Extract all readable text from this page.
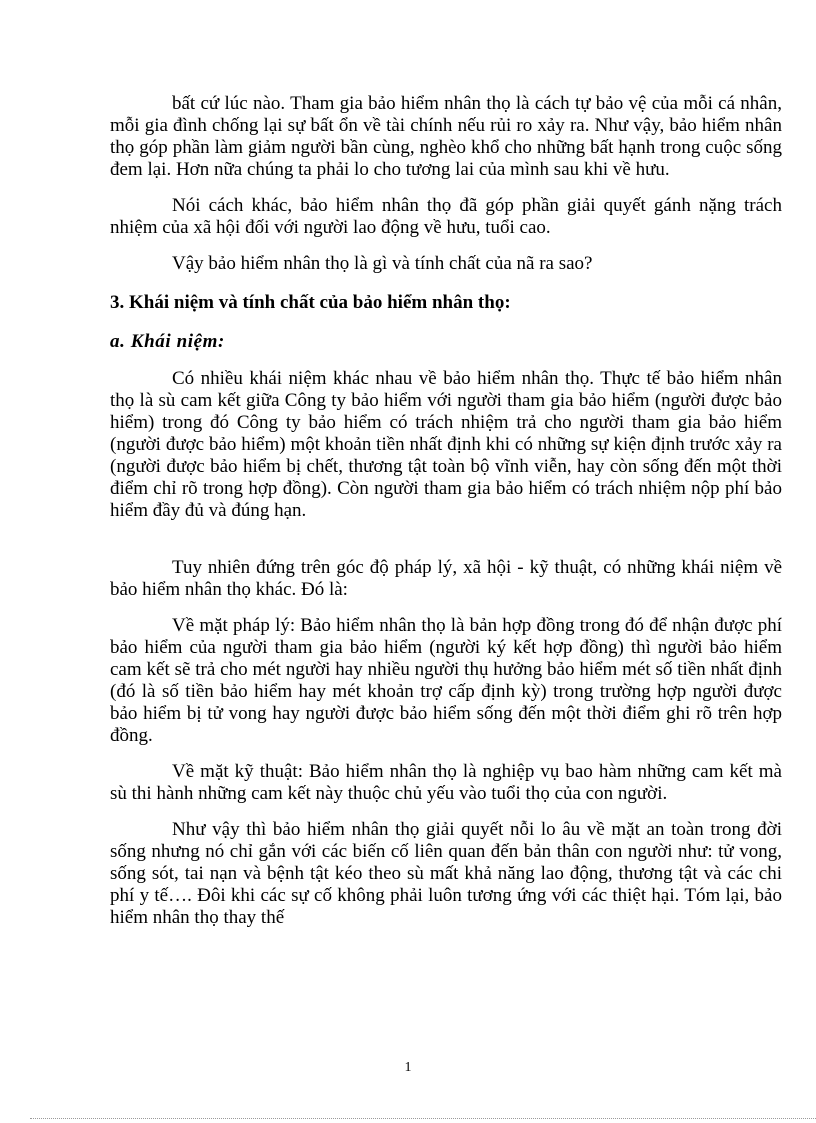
bất cứ lúc nào. Tham gia bảo hiểm nhân thọ là cách tự bảo vệ của mỗi cá nhân, mỗi gia đình chống lại sự bất ổn về tài chính nếu rủi ro xảy ra. Như vậy, bảo hiểm nhân thọ góp phần làm giảm người bần cùng, nghèo khổ cho những bất hạnh trong cuộc sống đem lại. Hơn nữa chúng ta phải lo cho tương lai của mình sau khi về hưu.

Nói cách khác, bảo hiểm nhân thọ đã góp phần giải quyết gánh nặng trách nhiệm của xã hội đối với người lao động về hưu, tuổi cao.

Vậy bảo hiểm nhân thọ là gì và tính chất của nã ra sao?

3. Khái niệm và tính chất của bảo hiểm nhân thọ:
a. Khái niệm:

Có nhiều khái niệm khác nhau về bảo hiểm nhân thọ. Thực tế bảo hiểm nhân thọ là sù cam kết giữa Công ty bảo hiểm với người tham gia bảo hiểm (người được bảo hiểm) trong đó Công ty bảo hiểm có trách nhiệm trả cho người tham gia bảo hiểm (người được bảo hiểm) một khoản tiền nhất định khi có những sự kiện định trước xảy ra (người được bảo hiểm bị chết, thương tật toàn bộ vĩnh viễn, hay còn sống đến một thời điểm chỉ rõ trong hợp đồng). Còn người tham gia bảo hiểm có trách nhiệm nộp phí bảo hiểm đầy đủ và đúng hạn.

Tuy nhiên đứng trên góc độ pháp lý, xã hội - kỹ thuật, có những khái niệm về bảo hiểm nhân thọ khác. Đó là:

Về mặt pháp lý: Bảo hiểm nhân thọ là bản hợp đồng trong đó để nhận được phí bảo hiểm của người tham gia bảo hiểm (người ký kết hợp đồng) thì người bảo hiểm cam kết sẽ trả cho mét người hay nhiều người thụ hưởng bảo hiểm mét số tiền nhất định (đó là số tiền bảo hiểm hay mét khoản trợ cấp định kỳ) trong trường hợp người được bảo hiểm bị tử vong hay người được bảo hiểm sống đến một thời điểm ghi rõ trên hợp đồng.

Về mặt kỹ thuật: Bảo hiểm nhân thọ là nghiệp vụ bao hàm những cam kết mà sù thi hành những cam kết này thuộc chủ yếu vào tuổi thọ của con người.

Như vậy thì bảo hiểm nhân thọ giải quyết nỗi lo âu về mặt an toàn trong đời sống nhưng nó chỉ gắn với các biến cố liên quan đến bản thân con người như: tử vong, sống sót, tai nạn và bệnh tật kéo theo sù mất khả năng lao động, thương tật và các chi phí y tế…. Đôi khi các sự cố không phải luôn tương ứng với các thiệt hại. Tóm lại, bảo hiểm nhân thọ thay thế

1
